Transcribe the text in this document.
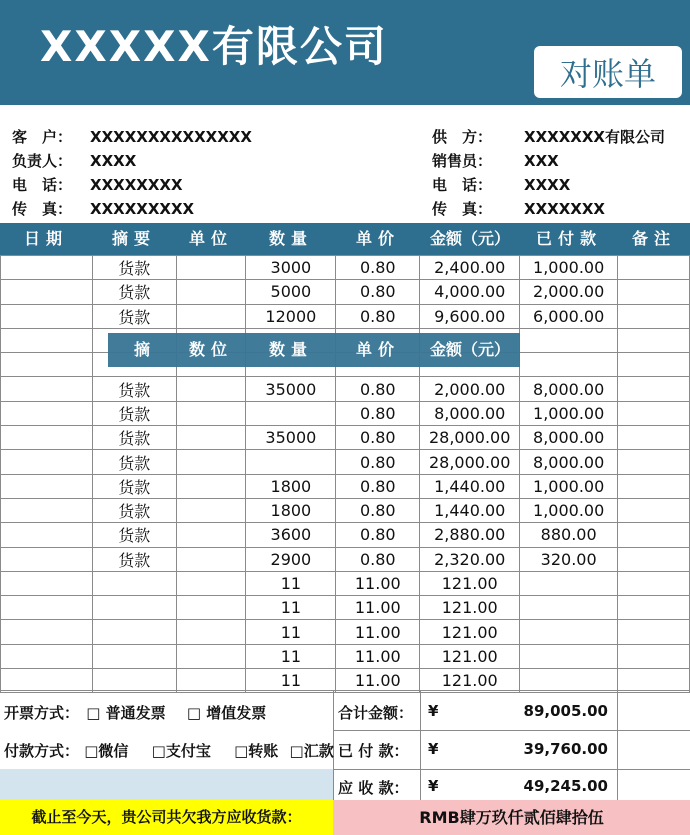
XXXXX有限公司
对账单
客　户： XXXXXXXXXXXXXX
负责人： XXXX
电　话： XXXXXXXX
传　真： XXXXXXXXX
供　方： XXXXXXX有限公司
销售员： XXX
电　话： XXXX
传　真： XXXXXXX
日期	摘要	单位	数量	单价	金额（元）	已付款	备注
	货款		3000	0.80	2,400.00	1,000.00	
	货款		5000	0.80	4,000.00	2,000.00	
	货款		12000	0.80	9,600.00	6,000.00	

	货款		35000	0.80	2,000.00	8,000.00	
	货款			0.80	8,000.00	1,000.00	
	货款		35000	0.80	28,000.00	8,000.00	
	货款			0.80	28,000.00	8,000.00	
	货款		1800	0.80	1,440.00	1,000.00	
	货款		1800	0.80	1,440.00	1,000.00	
	货款		3600	0.80	2,880.00	880.00	
	货款		2900	0.80	2,320.00	320.00	
			11	11.00	121.00		
			11	11.00	121.00		
			11	11.00	121.00		
			11	11.00	121.00		
			11	11.00	121.00		
摘	数位	数量	单价	金额（元）
开票方式： □ 普通发票 □ 增值发票
付款方式： □微信 □支付宝 □转账 □汇款
合计金额： ¥	89,005.00
已 付 款： ¥	39,760.00
应 收 款： ¥	49,245.00
截止至今天，贵公司共欠我方应收货款：	RMB肆万玖仟贰佰肆拾伍
